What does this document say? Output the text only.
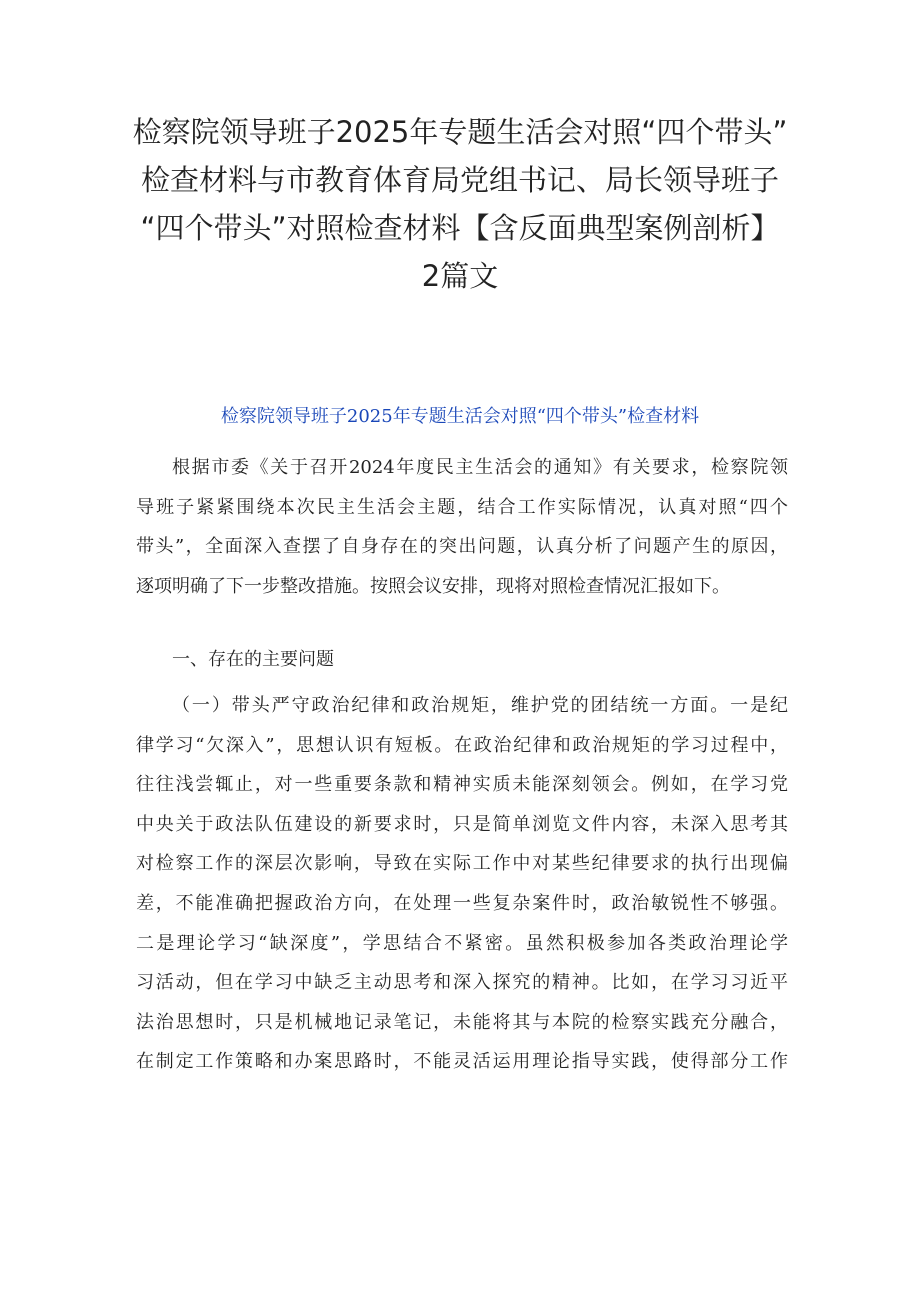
检察院领导班子2025年专题生活会对照“四个带头”
检查材料与市教育体育局党组书记、局长领导班子
“四个带头”对照检查材料【含反面典型案例剖析】
2篇文
检察院领导班子2025年专题生活会对照“四个带头”检查材料
根据市委《关于召开2024年度民主生活会的通知》有关要求，检察院领
导班子紧紧围绕本次民主生活会主题，结合工作实际情况，认真对照“四个
带头”，全面深入查摆了自身存在的突出问题，认真分析了问题产生的原因，
逐项明确了下一步整改措施。按照会议安排，现将对照检查情况汇报如下。
一、存在的主要问题
（一）带头严守政治纪律和政治规矩，维护党的团结统一方面。一是纪
律学习“欠深入”，思想认识有短板。在政治纪律和政治规矩的学习过程中，
往往浅尝辄止，对一些重要条款和精神实质未能深刻领会。例如，在学习党
中央关于政法队伍建设的新要求时，只是简单浏览文件内容，未深入思考其
对检察工作的深层次影响，导致在实际工作中对某些纪律要求的执行出现偏
差，不能准确把握政治方向，在处理一些复杂案件时，政治敏锐性不够强。
二是理论学习“缺深度”，学思结合不紧密。虽然积极参加各类政治理论学
习活动，但在学习中缺乏主动思考和深入探究的精神。比如，在学习习近平
法治思想时，只是机械地记录笔记，未能将其与本院的检察实践充分融合，
在制定工作策略和办案思路时，不能灵活运用理论指导实践，使得部分工作
